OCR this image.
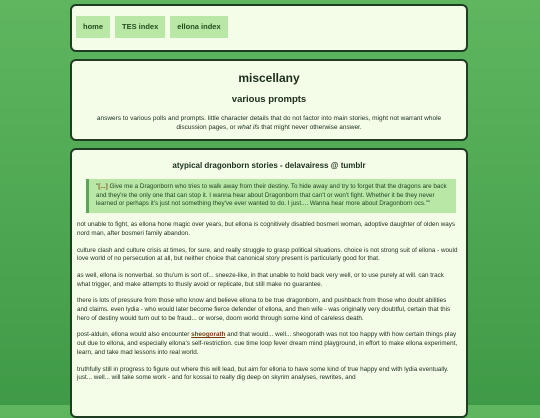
home	TES index	ellona index
miscellany
various prompts
answers to various polls and prompts. little character details that do not factor into main stories, might not warrant whole discussion pages, or what ifs that might never otherwise answer.
atypical dragonborn stories - delavairess @ tumblr
"[...] Give me a Dragonborn who tries to walk away from their destiny. To hide away and try to forget that the dragons are back and they're the only one that can stop it. I wanna hear about Dragonborn that can't or won't fight. Whether it be they never learned or perhaps it's just not something they've ever wanted to do. I just.... Wanna hear more about Dragonborn ocs.""

not unable to fight, as ellona hone magic over years, but ellona is cognitively disabled bosmeri woman, adoptive daughter of olden ways nord man, after bosmeri family abandon.

culture clash and culture crisis at times, for sure, and really struggle to grasp political situations. choice is not strong suit of ellona - would love world of no persecution at all, but neither choice that canonical story present is particularly good for that.

as well, ellona is nonverbal. so thu'um is sort of... sneeze-like, in that unable to hold back very well, or to use purely at will. can track what trigger, and make attempts to thusly avoid or replicate, but still make no guarantee.

there is lots of pressure from those who know and believe ellona to be true dragonborn, and pushback from those who doubt abilities and claims. even lydia - who would later become fierce defender of ellona, and then wife - was originally very doubtful, certain that this hero of destiny would turn out to be fraud... or worse, doom world through some kind of careless death.

post-alduin, ellona would also encounter sheogorath and that would... well... sheogorath was not too happy with how certain things play out due to ellona, and especially ellona's self-restriction. cue time loop fever dream mind playground, in effort to make ellona experiment, learn, and take mad lessons into real world.

truthfully still in progress to figure out where this will lead, but aim for ellona to have some kind of true happy end with lydia eventually. just... well... will take some work - and for kossai to really dig deep on skyrim analyses, rewrites, and
